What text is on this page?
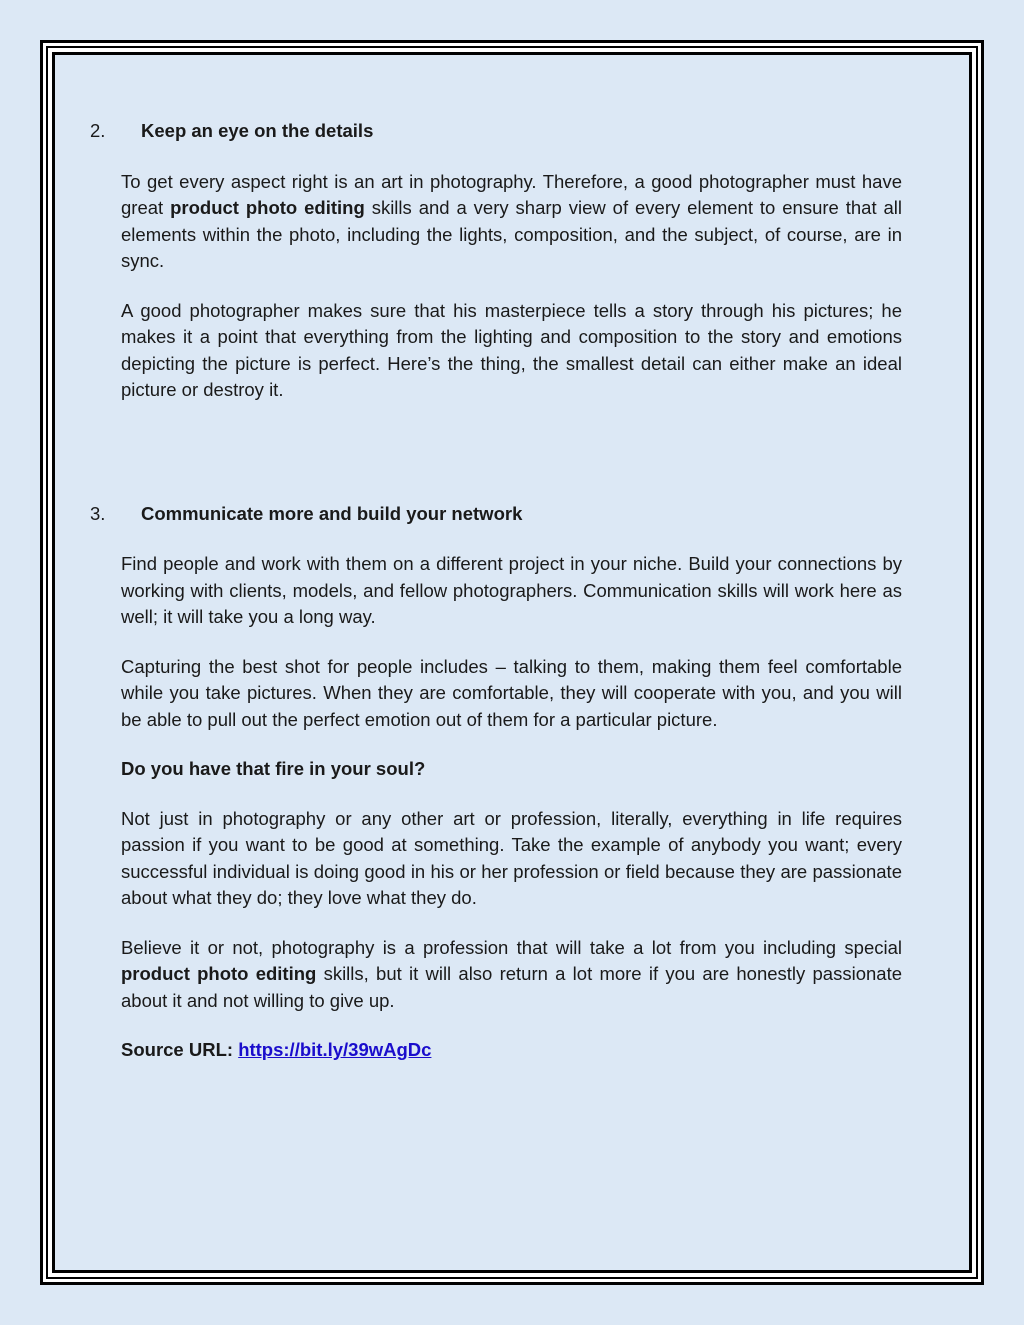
2.	Keep an eye on the details

To get every aspect right is an art in photography. Therefore, a good photographer must have great product photo editing skills and a very sharp view of every element to ensure that all elements within the photo, including the lights, composition, and the subject, of course, are in sync.

A good photographer makes sure that his masterpiece tells a story through his pictures; he makes it a point that everything from the lighting and composition to the story and emotions depicting the picture is perfect. Here’s the thing, the smallest detail can either make an ideal picture or destroy it.

3.	Communicate more and build your network

Find people and work with them on a different project in your niche. Build your connections by working with clients, models, and fellow photographers. Communication skills will work here as well; it will take you a long way.

Capturing the best shot for people includes – talking to them, making them feel comfortable while you take pictures. When they are comfortable, they will cooperate with you, and you will be able to pull out the perfect emotion out of them for a particular picture.

Do you have that fire in your soul?

Not just in photography or any other art or profession, literally, everything in life requires passion if you want to be good at something. Take the example of anybody you want; every successful individual is doing good in his or her profession or field because they are passionate about what they do; they love what they do.

Believe it or not, photography is a profession that will take a lot from you including special product photo editing skills, but it will also return a lot more if you are honestly passionate about it and not willing to give up.

Source URL: https://bit.ly/39wAgDc
